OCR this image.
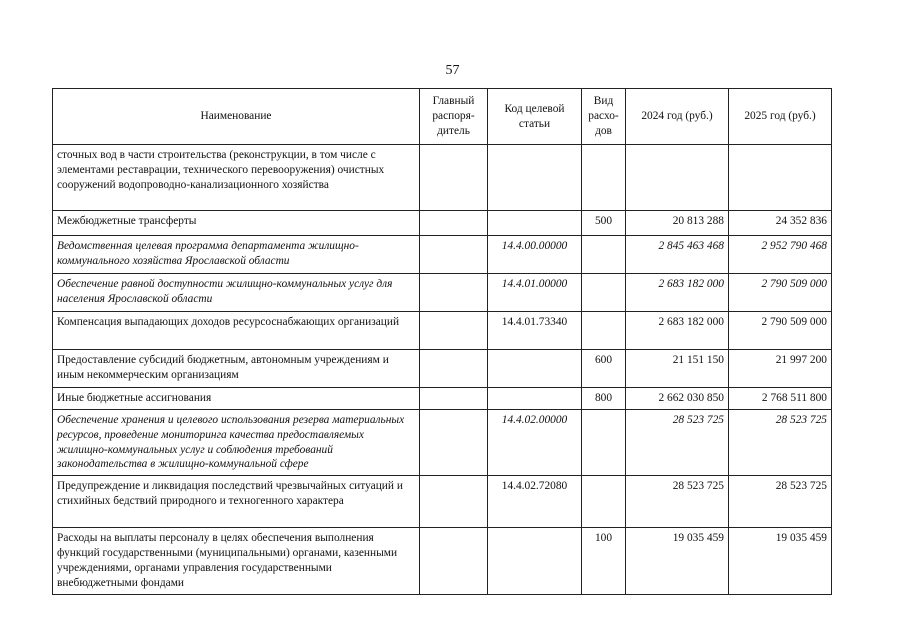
57
Наименование	Главный распоря-дитель	Код целевой статьи	Вид расхо-дов	2024 год (руб.)	2025 год (руб.)
сточных вод в части строительства (реконструкции, в том числе с элементами реставрации, технического перевооружения) очистных сооружений водопроводно-канализационного хозяйства					
Межбюджетные трансферты			500	20 813 288	24 352 836
Ведомственная целевая программа департамента жилищно-коммунального хозяйства Ярославской области		14.4.00.00000		2 845 463 468	2 952 790 468
Обеспечение равной доступности жилищно-коммунальных услуг для населения Ярославской области		14.4.01.00000		2 683 182 000	2 790 509 000
Компенсация выпадающих доходов ресурсоснабжающих организаций		14.4.01.73340		2 683 182 000	2 790 509 000
Предоставление субсидий бюджетным, автономным учреждениям и иным некоммерческим организациям			600	21 151 150	21 997 200
Иные бюджетные ассигнования			800	2 662 030 850	2 768 511 800
Обеспечение хранения и целевого использования резерва материальных ресурсов, проведение мониторинга качества предоставляемых жилищно-коммунальных услуг и соблюдения требований законодательства в жилищно-коммунальной сфере		14.4.02.00000		28 523 725	28 523 725
Предупреждение и ликвидация последствий чрезвычайных ситуаций и стихийных бедствий природного и техногенного характера		14.4.02.72080		28 523 725	28 523 725
Расходы на выплаты персоналу в целях обеспечения выполнения функций государственными (муниципальными) органами, казенными учреждениями, органами управления государственными внебюджетными фондами			100	19 035 459	19 035 459
